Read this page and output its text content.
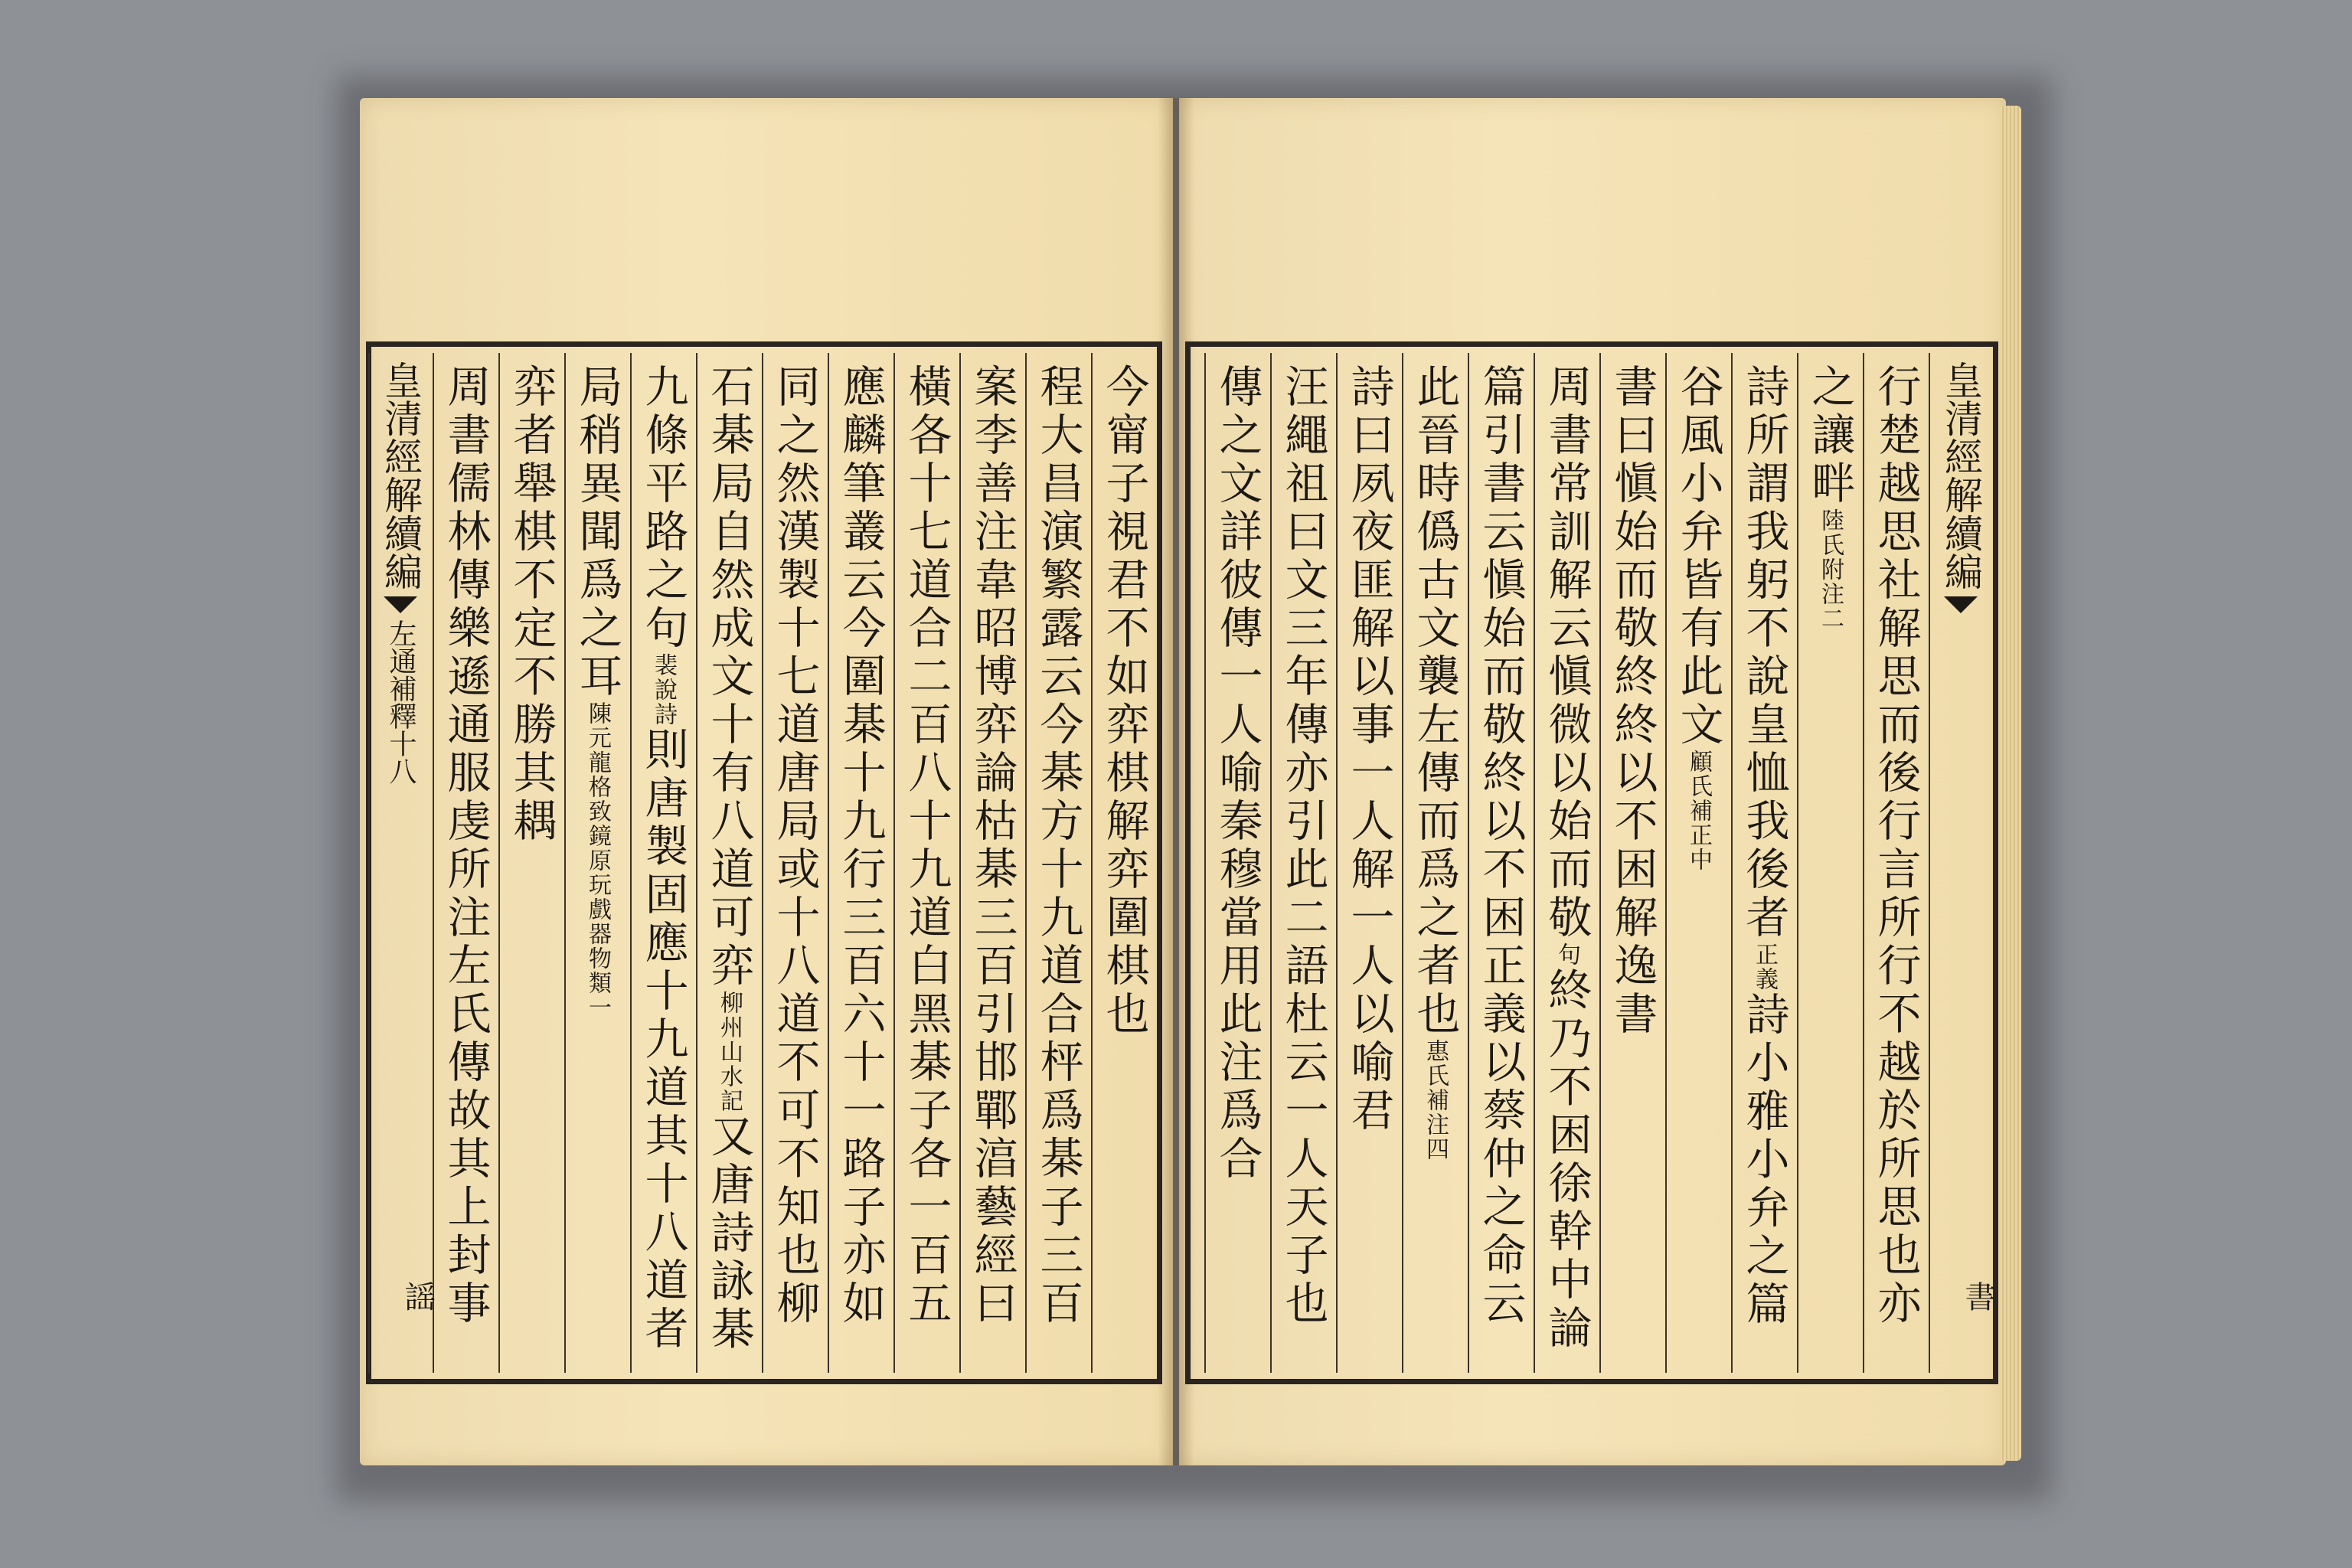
今甯子視君不如弈棋解弈圍棋也
程大昌演繁露云今棊方十九道合枰爲棊子三百
案李善注韋昭博弈論枯棊三百引邯鄲湻藝經曰
橫各十七道合二百八十九道白黑棊子各一百五
應麟筆叢云今圍棊十九行三百六十一路子亦如
同之然漢製十七道唐局或十八道不可不知也柳
石棊局自然成文十有八道可弈柳州山水記又唐詩詠棊
九條平路之句裴說詩則唐製固應十九道其十八道者
局稍異聞爲之耳陳元龍格致鏡原玩戲器物類一
弈者舉棋不定不勝其耦
周書儒林傳樂遜通服虔所注左氏傳故其上封事
皇清經解續編左通補釋十八
謡
皇清經解續編
書
行楚越思社解思而後行言所行不越於所思也亦
之讓畔陸氏附注二
詩所謂我躬不說皇恤我後者正義詩小雅小弁之篇
谷風小弁皆有此文顧氏補正中
書曰愼始而敬終終以不困解逸書
周書常訓解云愼微以始而敬句終乃不困徐幹中論
篇引書云愼始而敬終以不困正義以蔡仲之命云
此晉時僞古文襲左傳而爲之者也惠氏補注四
詩曰夙夜匪解以事一人解一人以喻君
汪繩祖曰文三年傳亦引此二語杜云一人天子也
傳之文詳彼傳一人喻秦穆當用此注爲合
